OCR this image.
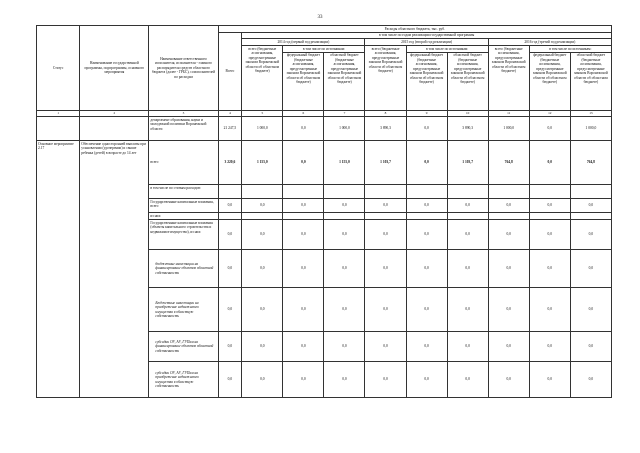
33
Статус	Наименование государственной программы, подпрограммы, основного мероприятия	Наименование ответственного исполнителя, исполнителя - главного распорядителя средств областного бюджета (далее - ГРБС), соисполнителей по расходам	Расходы областного бюджета, тыс. руб.									
			Всего	в том числе по годам реализации государственной программы								
				2014 год (первый год реализации)			2015 год (второй год реализации)			2016 год (третий год реализации)		
				всего (бюджетные ассигнования, предусмотренные законом Воронежской области об областном бюджете)	в том числе по источникам:		всего (бюджетные ассигнования, предусмотренные законом Воронежской области об областном бюджете)	в том числе по источникам:		всего (бюджетные ассигнования, предусмотренные законом Воронежской области об областном бюджете)	в том числе по источникам:	
					федеральный бюджет (бюджетные ассигнования, предусмотренные законом Воронежской области об областном бюджете)	областной бюджет (бюджетные ассигнования, предусмотренные законом Воронежской области об областном бюджете)		федеральный бюджет (бюджетные ассигнования, предусмотренные законом Воронежской области об областном бюджете)	областной бюджет (бюджетные ассигнования, предусмотренные законом Воронежской области об областном бюджете)		федеральный бюджет (бюджетные ассигнования, предусмотренные законом Воронежской области об областном бюджете)	областной бюджет (бюджетные ассигнования, предусмотренные законом Воронежской области об областном бюджете)
1	2	3	4	5	6	7	8	9	10	11	12	13
		департамент образования, науки и молодежной политики Воронежской области	21 247,5	1 000,0	0,0	1 000,0	3 890,3	0,0	3 890,3	1 000,0	0,0	1 000,0
Основное мероприятие 2.17	Обеспечение односторонней выплаты при усыновлении (удочерении) и свыше ребенка (детей) в возрасте до 14 лет	всего	3 220,6	1 155,0	0,0	1 155,0	1 103,7	0,0	1 103,7	764,8	0,0	764,8
		в том числе по статьям расходов:										
		Государственные капитальные вложения, всего	0,0	0,0	0,0	0,0	0,0	0,0	0,0	0,0	0,0	0,0
		из них:										
		Государственные капитальные вложения (объекты капитального строительства и недвижимое имущество), из них:	0,0	0,0	0,0	0,0	0,0	0,0	0,0	0,0	0,0	0,0
		бюджетные инвестиции на финансирование объектов областной собственности	0,0	0,0	0,0	0,0	0,0	0,0	0,0	0,0	0,0	0,0
		Бюджетные инвестиции на приобретение недвижимого имущества в областную собственность	0,0	0,0	0,0	0,0	0,0	0,0	0,0	0,0	0,0	0,0
		субсидии ОУ, АУ, ГУПам на финансирование объектов областной собственности	0,0	0,0	0,0	0,0	0,0	0,0	0,0	0,0	0,0	0,0
		субсидии ОУ, АУ, ГУПам на приобретение недвижимого имущества в областную собственность	0,0	0,0	0,0	0,0	0,0	0,0	0,0	0,0	0,0	0,0
